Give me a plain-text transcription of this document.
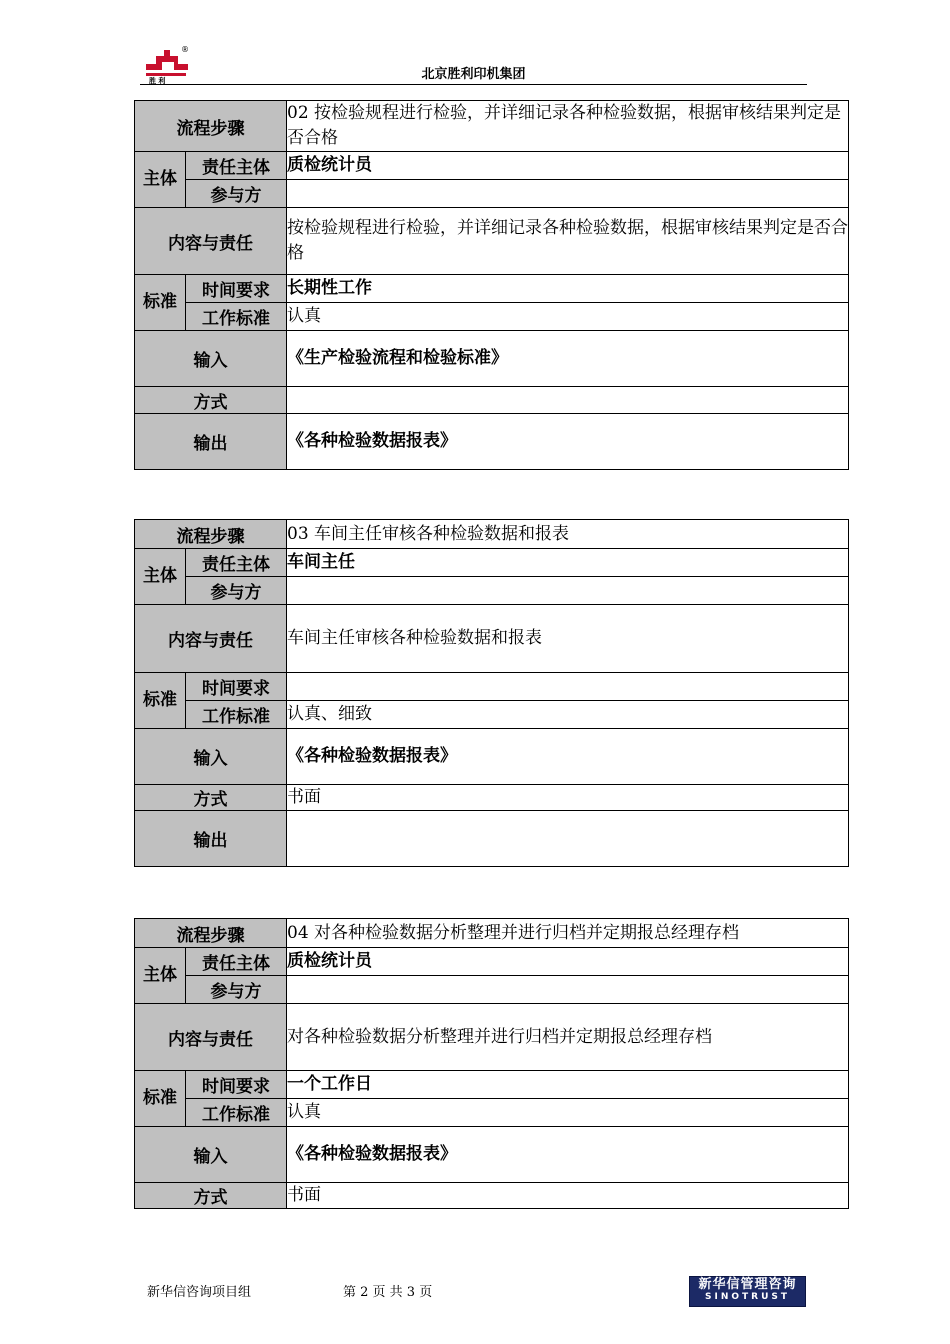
胜 利
®
北京胜利印机集团
流程步骤		02 按检验规程进行检验，并详细记录各种检验数据，根据审核结果判定是否合格
主体	责任主体	质检统计员
	参与方	
内容与责任		按检验规程进行检验，并详细记录各种检验数据，根据审核结果判定是否合格
标准	时间要求	长期性工作
	工作标准	认真
输入		《生产检验流程和检验标准》
方式		
输出		《各种检验数据报表》
流程步骤		03 车间主任审核各种检验数据和报表
主体	责任主体	车间主任
	参与方	
内容与责任		车间主任审核各种检验数据和报表
标准	时间要求	
	工作标准	认真、细致
输入		《各种检验数据报表》
方式		书面
输出		
流程步骤		04 对各种检验数据分析整理并进行归档并定期报总经理存档
主体	责任主体	质检统计员
	参与方	
内容与责任		对各种检验数据分析整理并进行归档并定期报总经理存档
标准	时间要求	一个工作日
	工作标准	认真
输入		《各种检验数据报表》
方式		书面
新华信咨询项目组	第 2 页 共 3 页
新华信管理咨询
SINOTRUST
